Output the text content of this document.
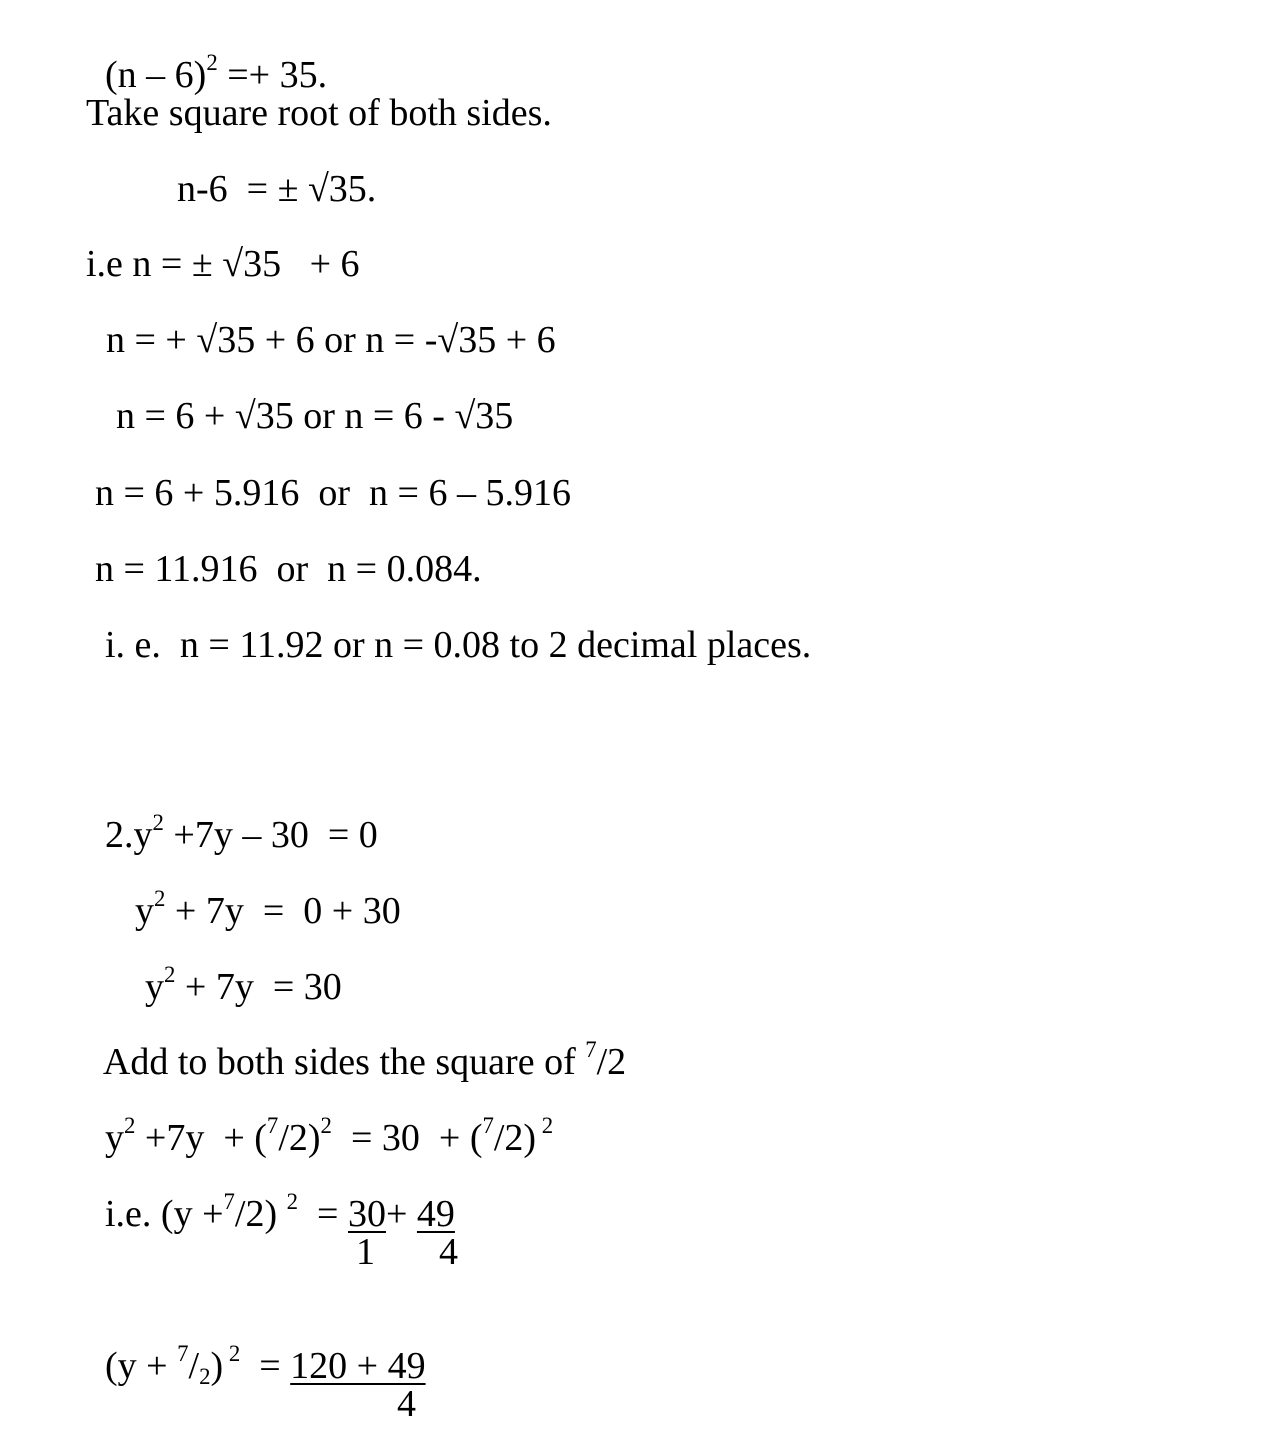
(n – 6)$^2$ =+ 35.

Take square root of both sides.
n-6  = ± √35.
i.e n = ± √35   + 6
n = + √35 + 6 or n = -√35 + 6
n = 6 + √35 or n = 6 - √35
n = 6 + 5.916  or  n = 6 – 5.916
n = 11.916  or  n = 0.084.
i. e.  n = 11.92 or n = 0.08 to 2 decimal places.

$2.y^2 +7y - 30 = 0$

$y^2 + 7y = 0 + 30$

$y^2 + 7y = 30$

Add to both sides the square of $^7$/2

$y^2 +7y + (^7/2)^2 = 30 + (^7/2)$ $^2$

i.e. (y +$^7$/2) $^2$  = 30+ 49

1 4

$(y + ^7/_2)$ $^2$  = 120 + 49

4
